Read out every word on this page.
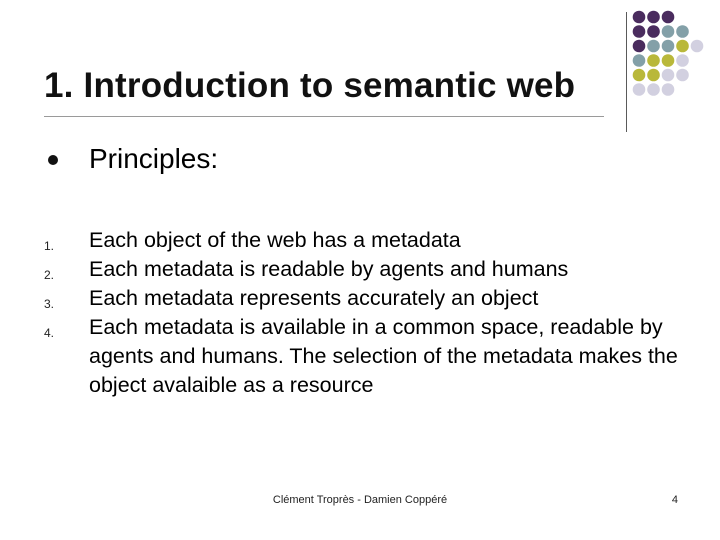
1. Introduction to semantic web
Principles:
1. Each object of the web has a metadata
2. Each metadata is readable by agents and humans
3. Each metadata represents accurately an object
4. Each metadata is available in a common space, readable by agents and humans. The selection of the metadata makes the object avalaible as a resource
Clément Troprès - Damien Coppéré	4
